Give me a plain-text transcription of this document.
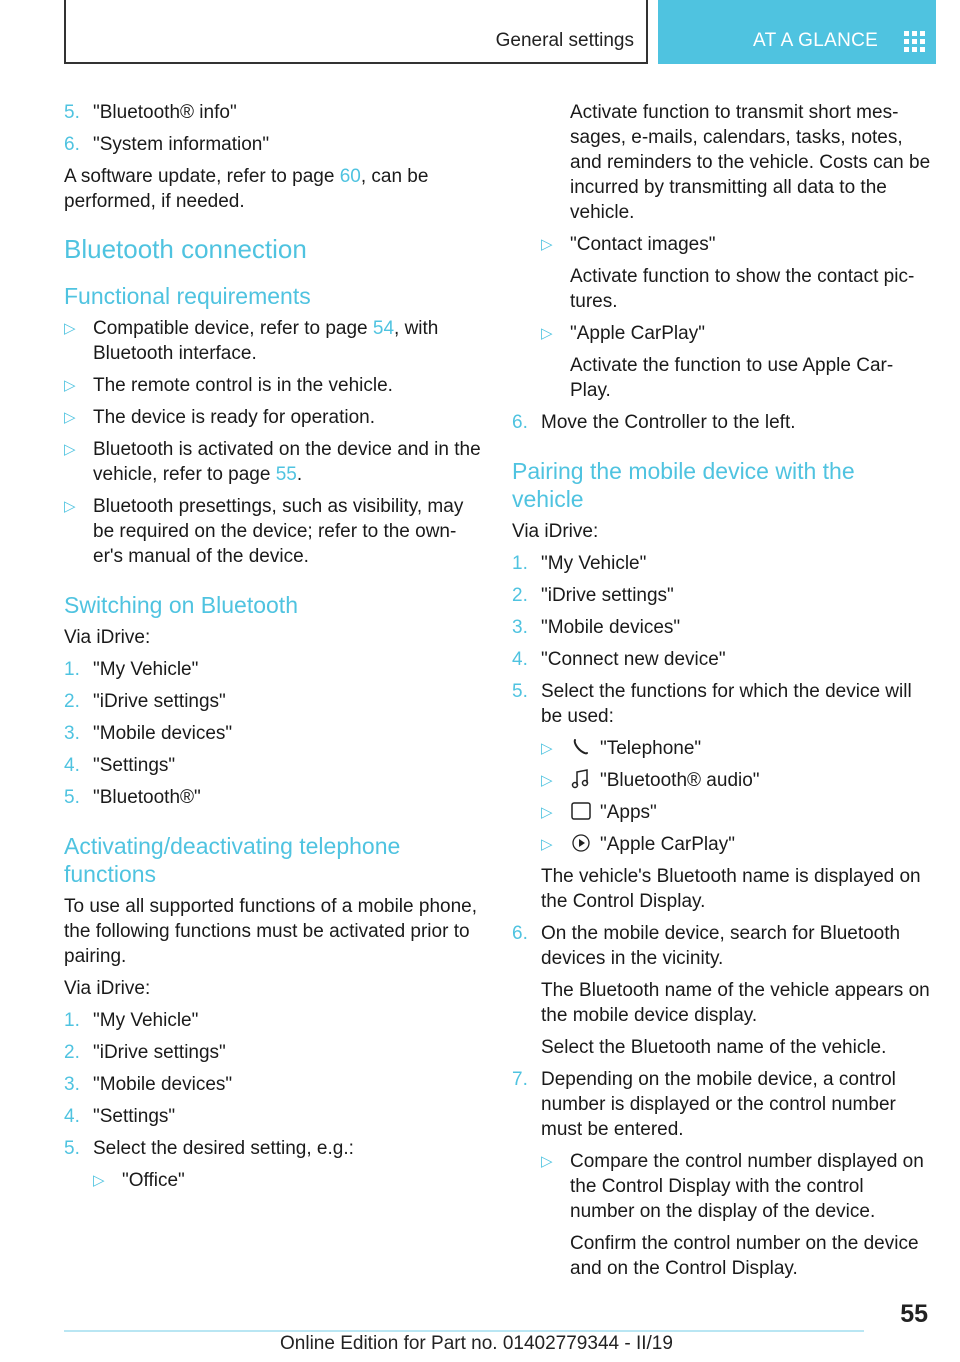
General settings	AT A GLANCE
5. "Bluetooth® info"
6. "System information"
A software update, refer to page 60, can be performed, if needed.
Bluetooth connection
Functional requirements
▷ Compatible device, refer to page 54, with Bluetooth interface.
▷ The remote control is in the vehicle.
▷ The device is ready for operation.
▷ Bluetooth is activated on the device and in the vehicle, refer to page 55.
▷ Bluetooth presettings, such as visibility, may be required on the device; refer to the own-er's manual of the device.
Switching on Bluetooth
Via iDrive:
1. "My Vehicle"
2. "iDrive settings"
3. "Mobile devices"
4. "Settings"
5. "Bluetooth®"
Activating/deactivating telephone functions
To use all supported functions of a mobile phone, the following functions must be activated prior to pairing.
Via iDrive:
1. "My Vehicle"
2. "iDrive settings"
3. "Mobile devices"
4. "Settings"
5. Select the desired setting, e.g.:
▷ "Office"
Activate function to transmit short mes-sages, e-mails, calendars, tasks, notes, and reminders to the vehicle. Costs can be incurred by transmitting all data to the vehicle.
▷ "Contact images"
Activate function to show the contact pic-tures.
▷ "Apple CarPlay"
Activate the function to use Apple Car-Play.
6. Move the Controller to the left.
Pairing the mobile device with the vehicle
Via iDrive:
1. "My Vehicle"
2. "iDrive settings"
3. "Mobile devices"
4. "Connect new device"
5. Select the functions for which the device will be used:
▷	"Telephone"
▷	"Bluetooth® audio"
▷	"Apps"
▷	"Apple CarPlay"
The vehicle's Bluetooth name is displayed on the Control Display.
6. On the mobile device, search for Bluetooth devices in the vicinity.
The Bluetooth name of the vehicle appears on the mobile device display.
Select the Bluetooth name of the vehicle.
7. Depending on the mobile device, a control number is displayed or the control number must be entered.
▷ Compare the control number displayed on the Control Display with the control number on the display of the device.
Confirm the control number on the device and on the Control Display.
55
Online Edition for Part no. 01402779344 - II/19
